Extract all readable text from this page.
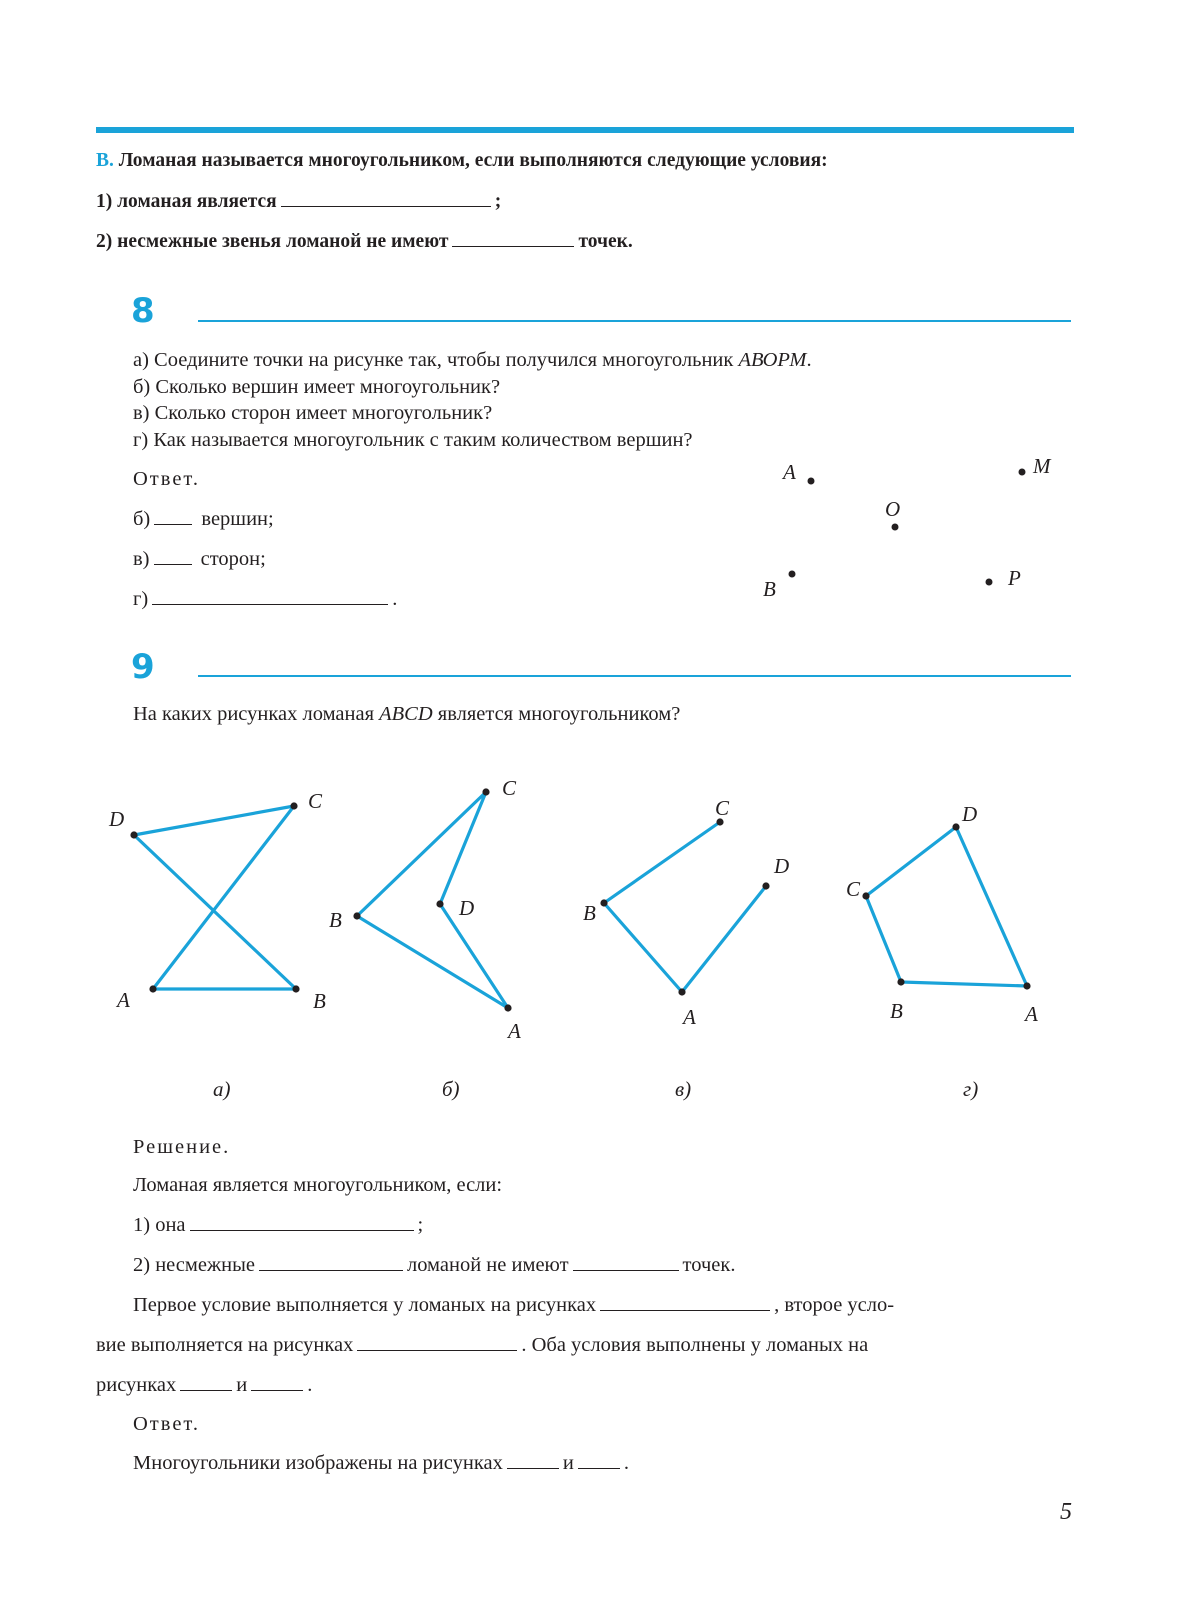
В. Ломаная называется многоугольником, если выполняются следующие условия:
1) ломаная является	;
2) несмежные звенья ломаной не имеют	точек.
8
а) Соедините точки на рисунке так, чтобы получился многоугольник АВОРМ.
б) Сколько вершин имеет многоугольник?
в) Сколько сторон имеет многоугольник?
г) Как называется многоугольник с таким количеством вершин?
Ответ.
б) вершин;
в) сторон;
г)	.
A	M
O
B	P
9
На каких рисунках ломаная ABCD является многоугольником?
D
C
A	B
C
D
B
A
C
D
B
A
D
C
B	A
а)	б)	в)	г)
Решение.
Ломаная является многоугольником, если:
1) она	;
2) несмежные	ломаной не имеют	точек.
Первое условие выполняется у ломаных на рисунках	, второе усло-
вие выполняется на рисунках	. Оба условия выполнены у ломаных на
рисунках	и	.
Ответ.
Многоугольники изображены на рисунках	и .
5
